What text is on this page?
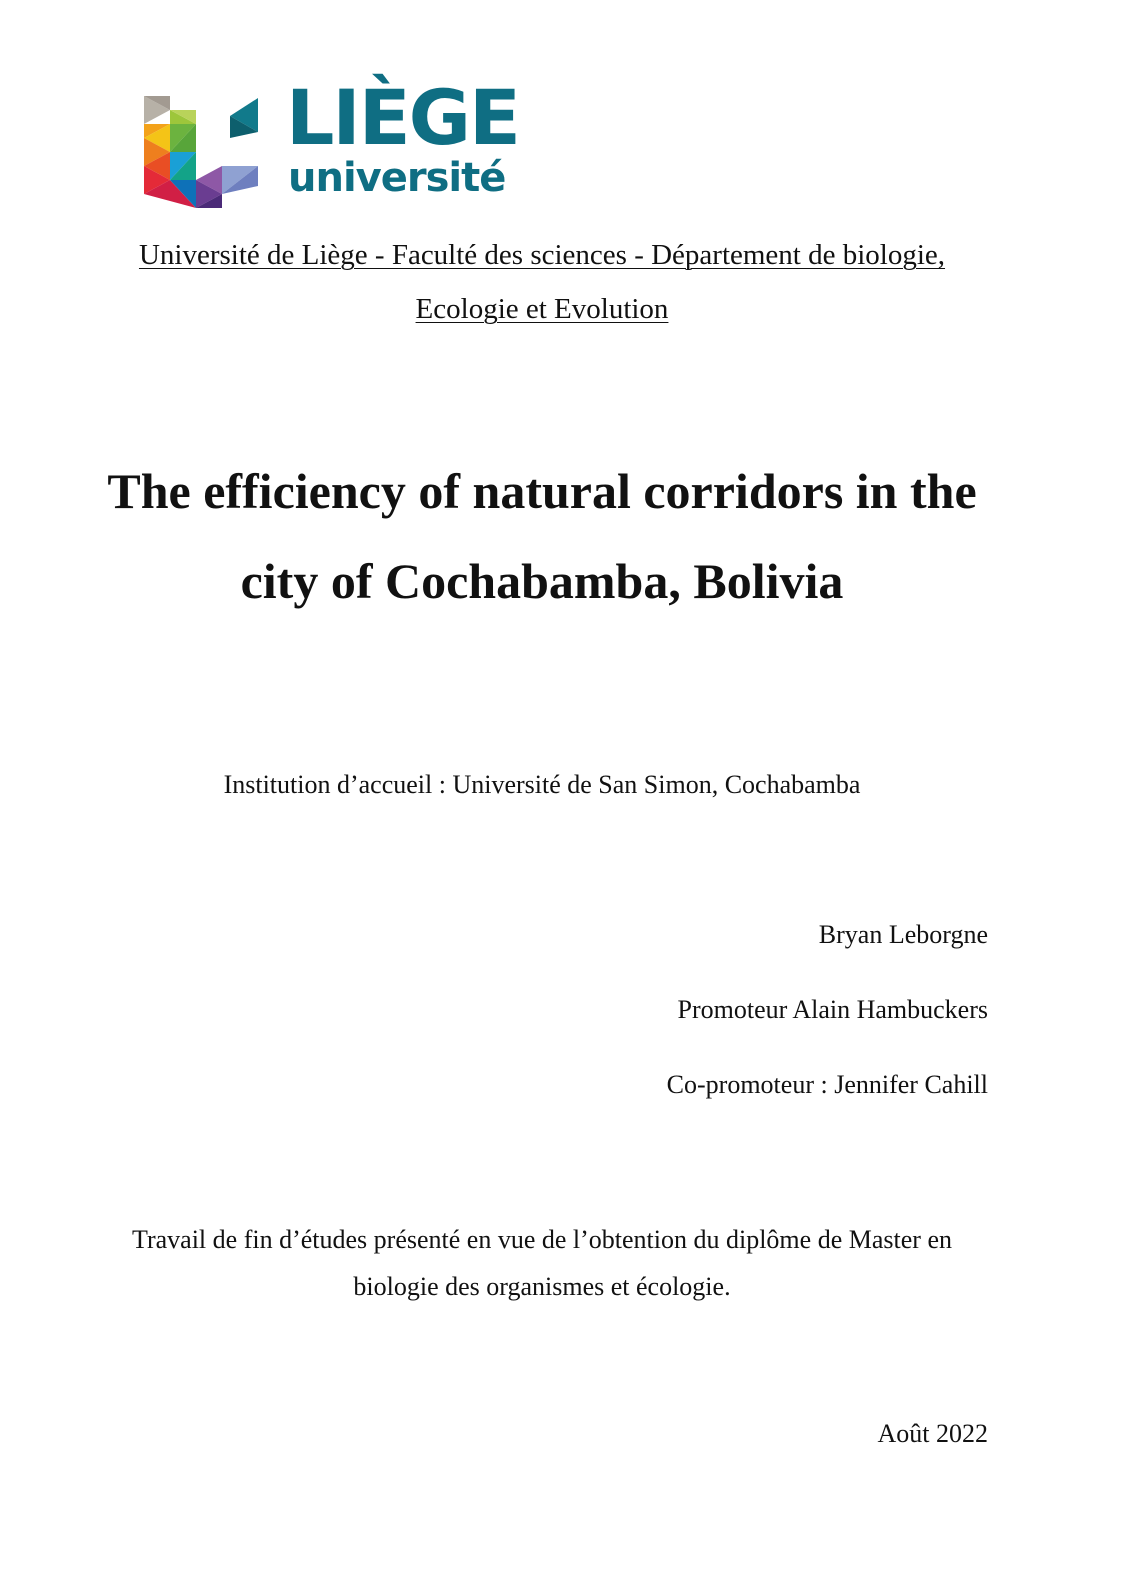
LIÈGE
université
Université de Liège - Faculté des sciences - Département de biologie,
Ecologie et Evolution
The efficiency of natural corridors in the
city of Cochabamba, Bolivia
Institution d’accueil : Université de San Simon, Cochabamba
Bryan Leborgne
Promoteur Alain Hambuckers
Co-promoteur : Jennifer Cahill
Travail de fin d’études présenté en vue de l’obtention du diplôme de Master en
biologie des organismes et écologie.
Août 2022
